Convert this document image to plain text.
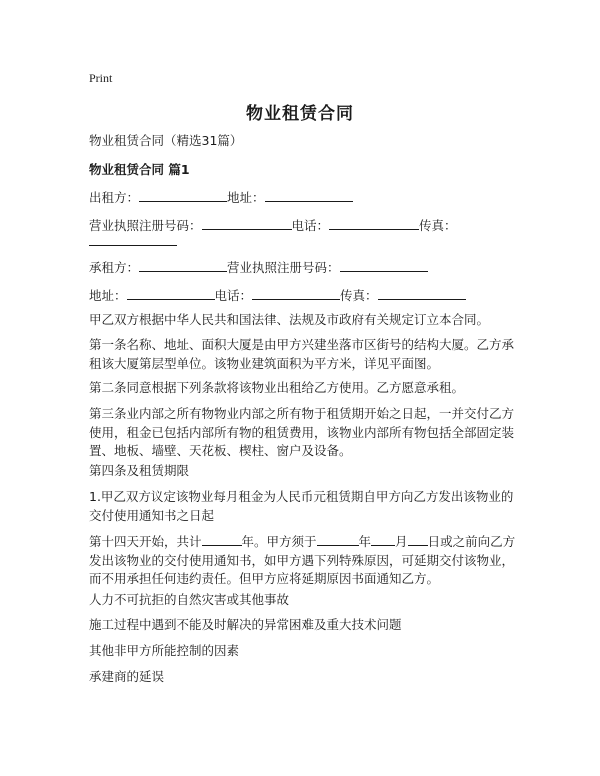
Print
物业租赁合同
物业租赁合同（精选31篇）
物业租赁合同 篇1
出租方：	地址：
营业执照注册号码：	电话：	传真：
承租方：	营业执照注册号码：
地址：	电话：	传真：
甲乙双方根据中华人民共和国法律、法规及市政府有关规定订立本合同。
第一条名称、地址、面积大厦是由甲方兴建坐落市区街号的结构大厦。乙方承租该大厦第层型单位。该物业建筑面积为平方米，详见平面图。
第二条同意根据下列条款将该物业出租给乙方使用。乙方愿意承租。
第三条业内部之所有物物业内部之所有物于租赁期开始之日起，一并交付乙方使用，租金已包括内部所有物的租赁费用，该物业内部所有物包括全部固定装置、地板、墙壁、天花板、楔柱、窗户及设备。
第四条及租赁期限
1.甲乙双方议定该物业每月租金为人民币元租赁期自甲方向乙方发出该物业的交付使用通知书之日起
第十四天开始，共计	年。甲方须于	年 月 日或之前向乙方发出该物业的交付使用通知书，如甲方遇下列特殊原因，可延期交付该物业，而不用承担任何违约责任。但甲方应将延期原因书面通知乙方。
人力不可抗拒的自然灾害或其他事故
施工过程中遇到不能及时解决的异常困难及重大技术问题
其他非甲方所能控制的因素
承建商的延误
